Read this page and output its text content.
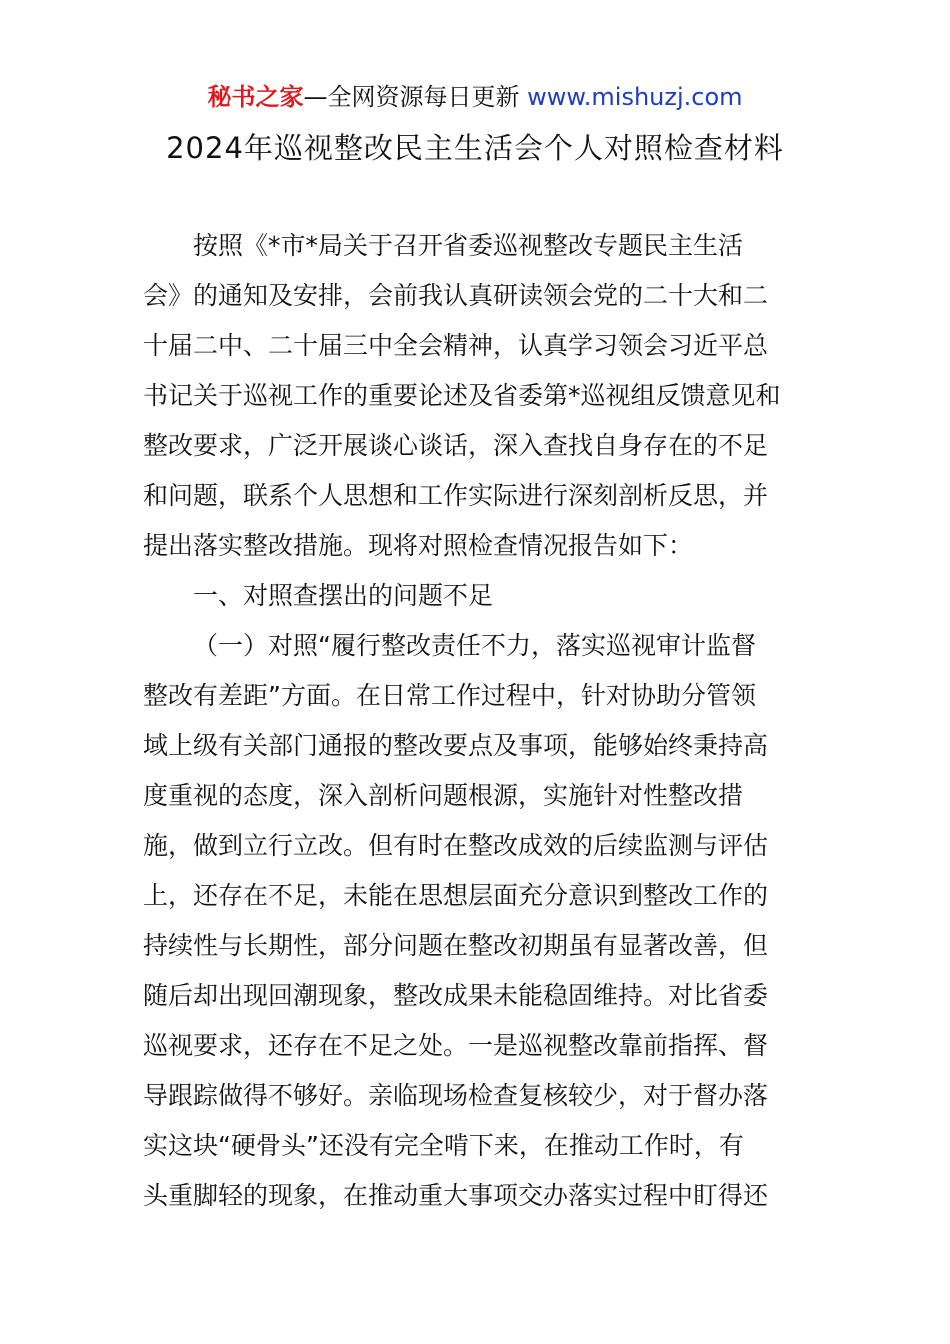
秘书之家—全网资源每日更新 www.mishuzj.com
2024年巡视整改民主生活会个人对照检查材料
按照《*市*局关于召开省委巡视整改专题民主生活
会》的通知及安排，会前我认真研读领会党的二十大和二
十届二中、二十届三中全会精神，认真学习领会习近平总
书记关于巡视工作的重要论述及省委第*巡视组反馈意见和
整改要求，广泛开展谈心谈话，深入查找自身存在的不足
和问题，联系个人思想和工作实际进行深刻剖析反思，并
提出落实整改措施。现将对照检查情况报告如下：
一、对照查摆出的问题不足
（一）对照“履行整改责任不力，落实巡视审计监督
整改有差距”方面。在日常工作过程中，针对协助分管领
域上级有关部门通报的整改要点及事项，能够始终秉持高
度重视的态度，深入剖析问题根源，实施针对性整改措
施，做到立行立改。但有时在整改成效的后续监测与评估
上，还存在不足，未能在思想层面充分意识到整改工作的
持续性与长期性，部分问题在整改初期虽有显著改善，但
随后却出现回潮现象，整改成果未能稳固维持。对比省委
巡视要求，还存在不足之处。一是巡视整改靠前指挥、督
导跟踪做得不够好。亲临现场检查复核较少，对于督办落
实这块“硬骨头”还没有完全啃下来，在推动工作时，有
头重脚轻的现象，在推动重大事项交办落实过程中盯得还
